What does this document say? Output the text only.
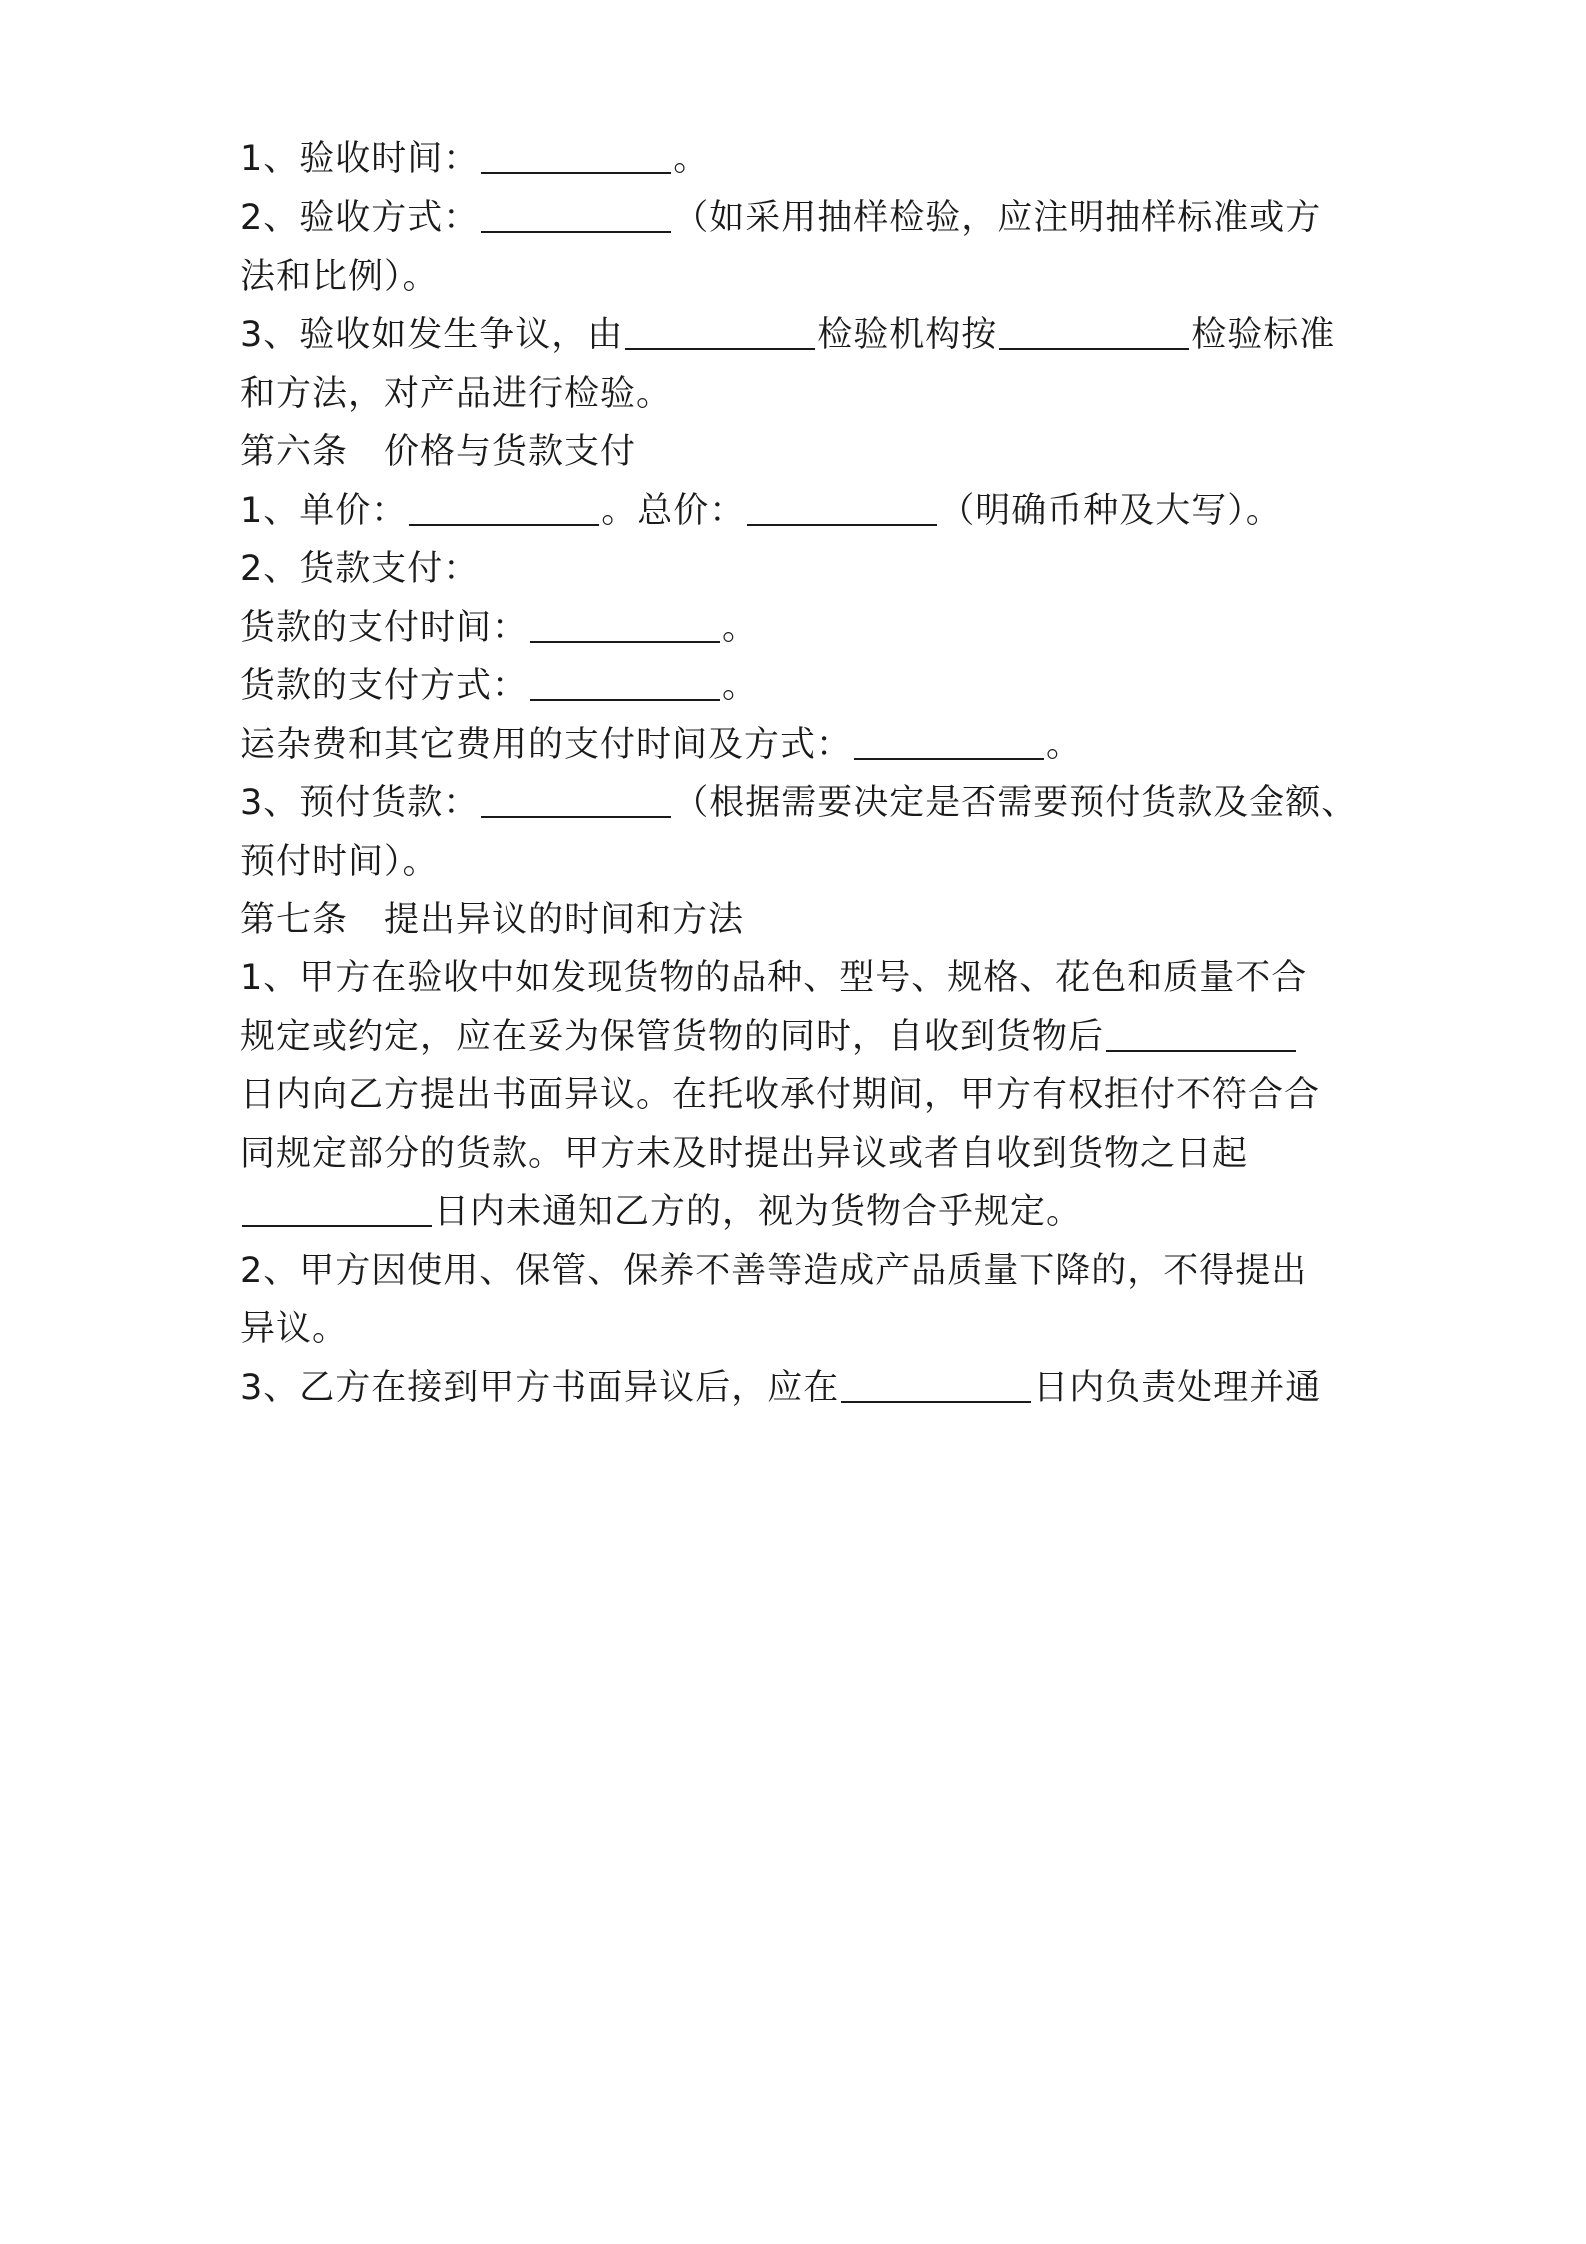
1、验收时间：	。
2、验收方式：	（如采用抽样检验，应注明抽样标准或方
法和比例）。
3、验收如发生争议，由	检验机构按	检验标准
和方法，对产品进行检验。
第六条　价格与货款支付
1、单价：	。总价：	（明确币种及大写）。
2、货款支付：
货款的支付时间：	。
货款的支付方式：	。
运杂费和其它费用的支付时间及方式：	。
3、预付货款：	（根据需要决定是否需要预付货款及金额、
预付时间）。
第七条　提出异议的时间和方法
1、甲方在验收中如发现货物的品种、型号、规格、花色和质量不合
规定或约定，应在妥为保管货物的同时，自收到货物后
日内向乙方提出书面异议。在托收承付期间，甲方有权拒付不符合合
同规定部分的货款。甲方未及时提出异议或者自收到货物之日起
日内未通知乙方的，视为货物合乎规定。
2、甲方因使用、保管、保养不善等造成产品质量下降的，不得提出
异议。
3、乙方在接到甲方书面异议后，应在	日内负责处理并通
